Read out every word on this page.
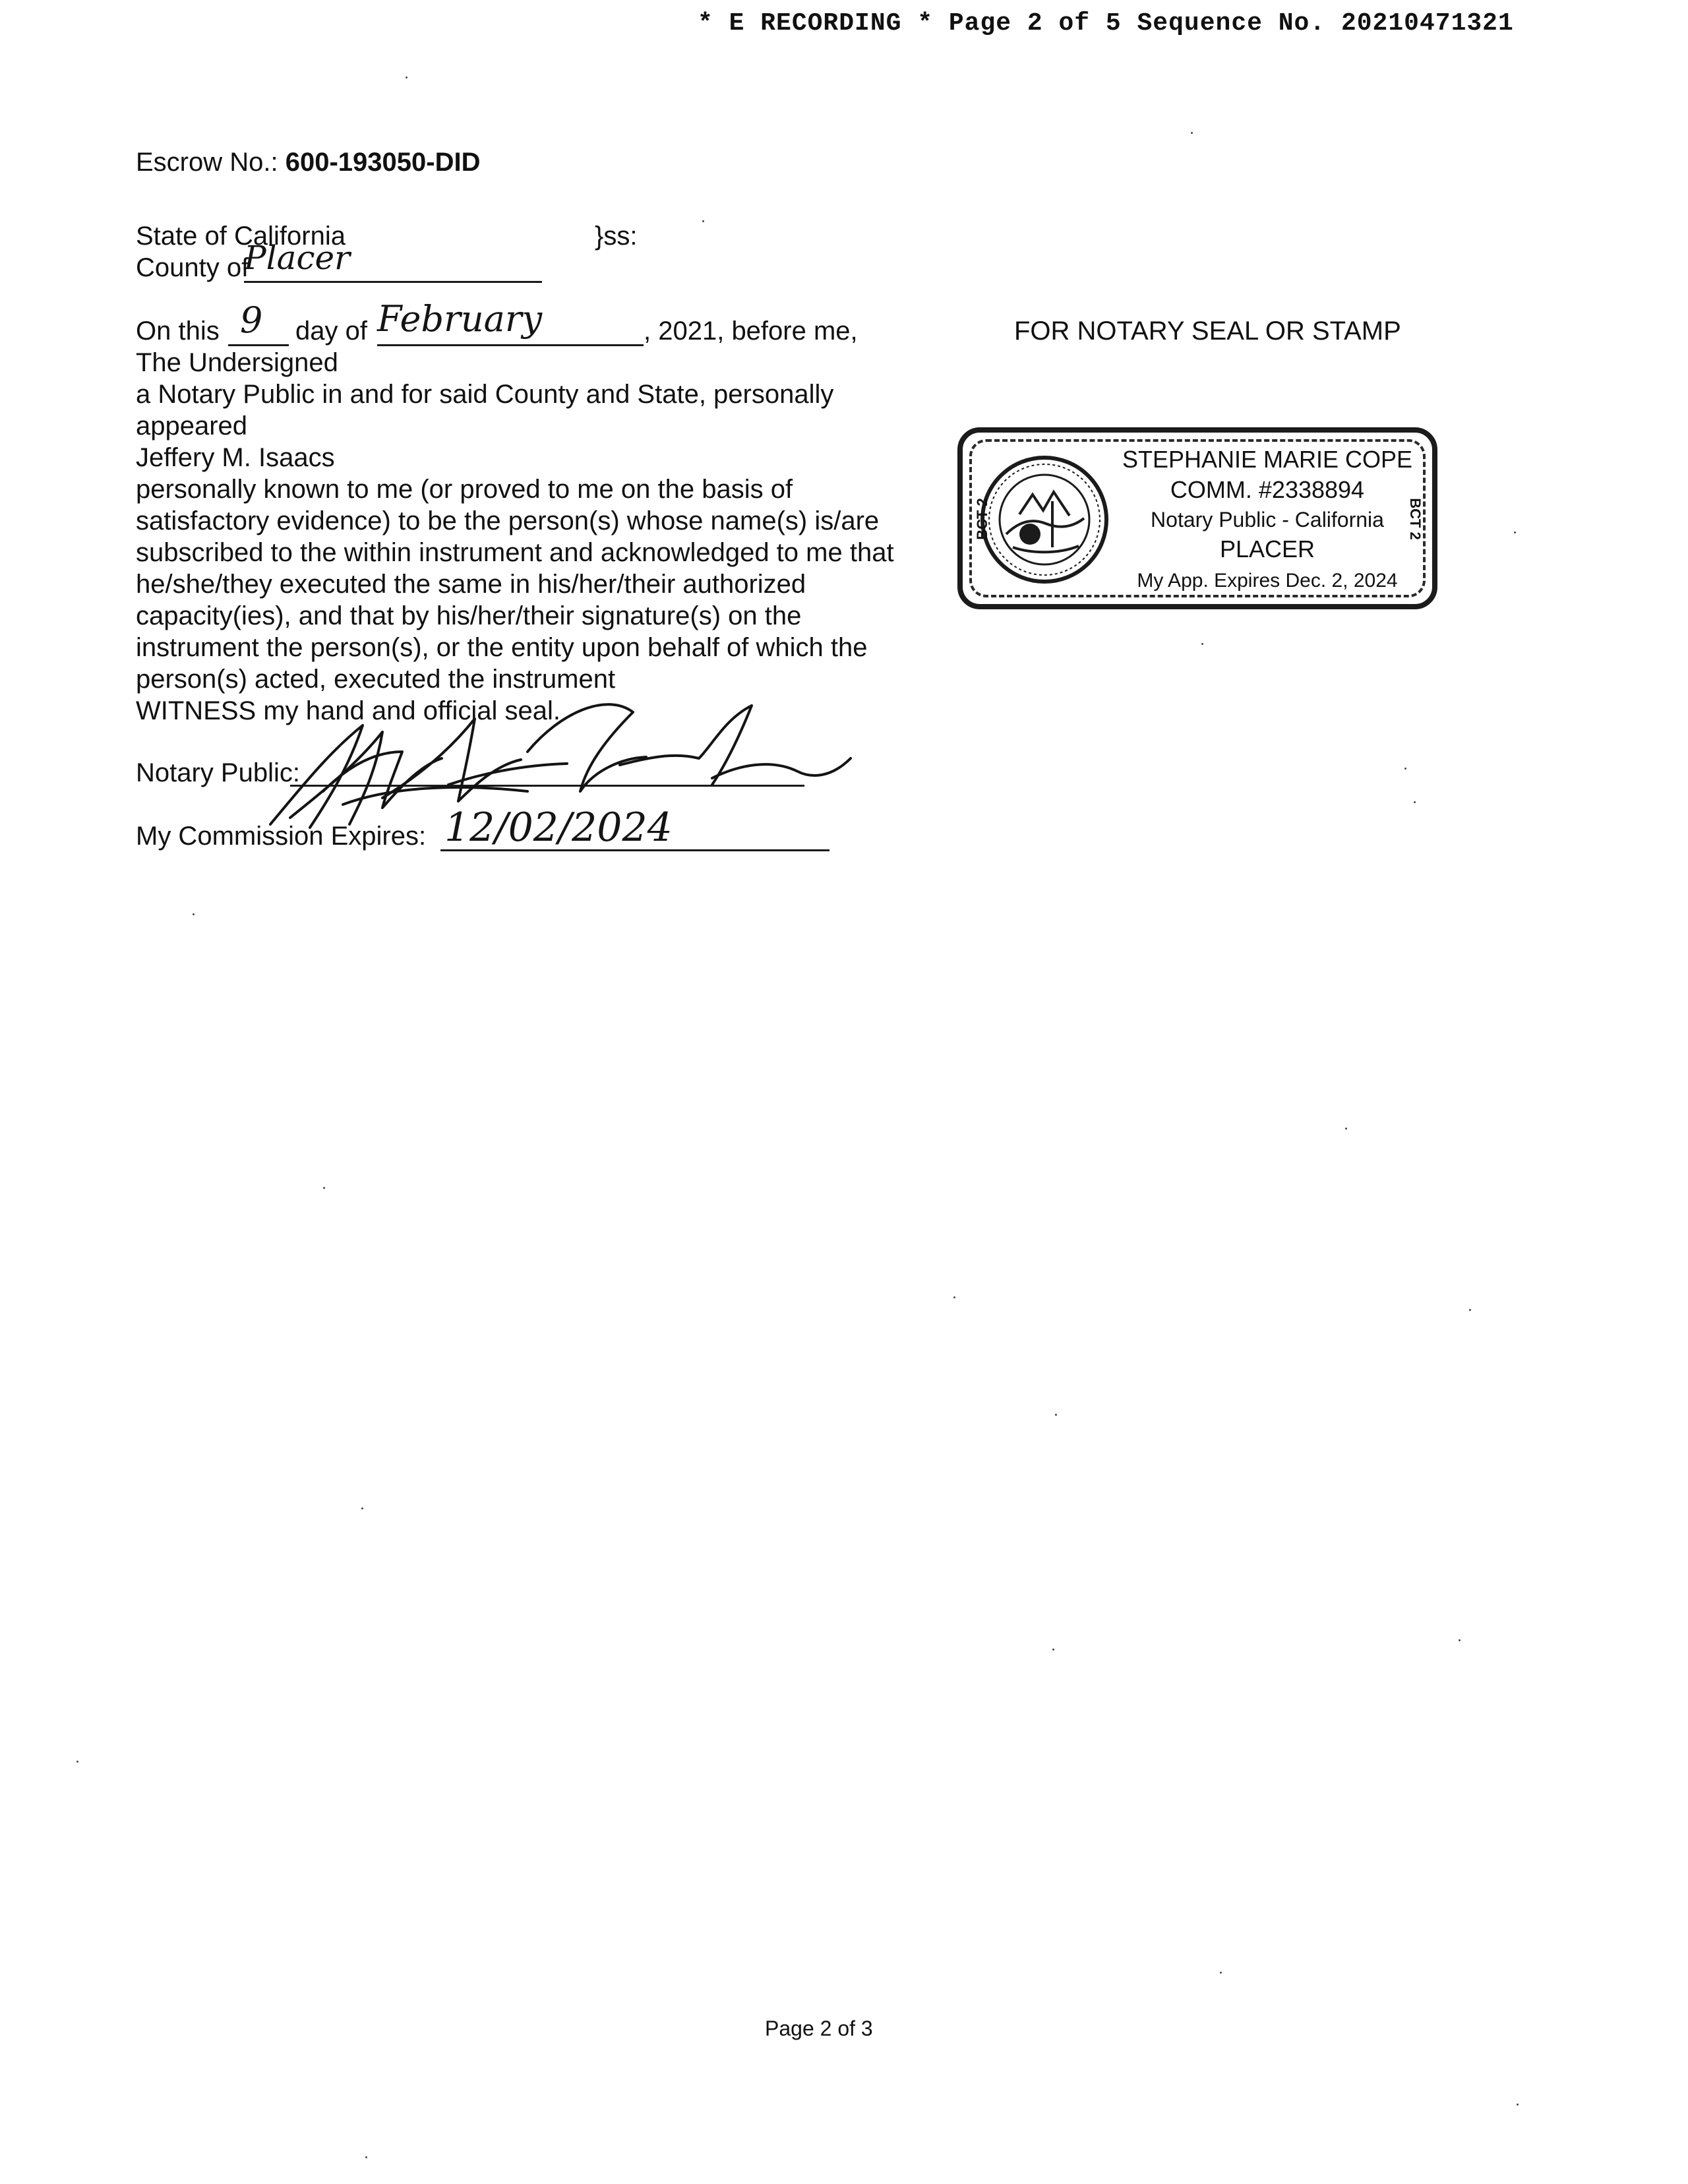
* E RECORDING * Page 2 of 5 Sequence No. 20210471321
Escrow No.: 600-193050-DID
State of California	}ss:
County of
Placer
On this 9 day of February	, 2021, before me,
The Undersigned
a Notary Public in and for said County and State, personally
appeared
Jeffery M. Isaacs
personally known to me (or proved to me on the basis of
satisfactory evidence) to be the person(s) whose name(s) is/are
subscribed to the within instrument and acknowledged to me that
he/she/they executed the same in his/her/their authorized
capacity(ies), and that by his/her/their signature(s) on the
instrument the person(s), or the entity upon behalf of which the
person(s) acted, executed the instrument
WITNESS my hand and official seal.
Notary Public:
My Commission Expires: 12/02/2024
FOR NOTARY SEAL OR STAMP
BCT 2	BCT 2
STEPHANIE MARIE COPE
COMM. #2338894
Notary Public - California
PLACER
My App. Expires Dec. 2, 2024
Page 2 of 3
